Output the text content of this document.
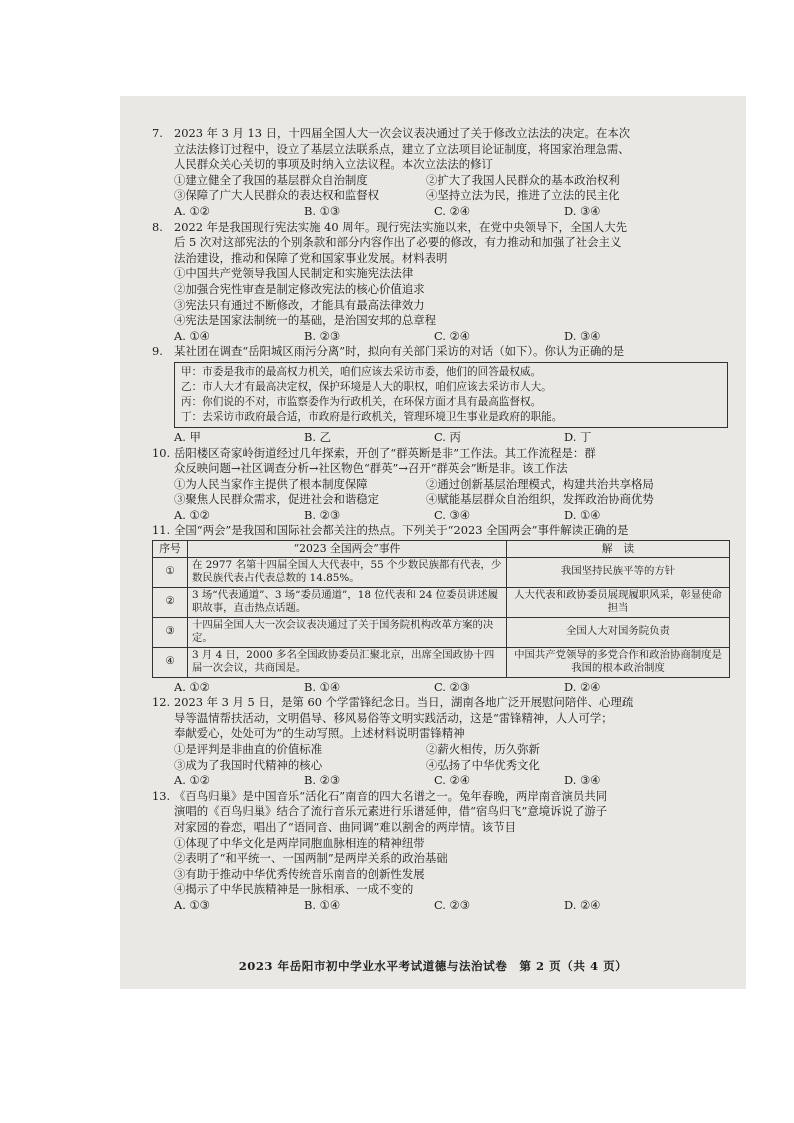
7. 2023 年 3 月 13 日，十四届全国人大一次会议表决通过了关于修改立法法的决定。在本次
立法法修订过程中，设立了基层立法联系点，建立了立法项目论证制度，将国家治理急需、
人民群众关心关切的事项及时纳入立法议程。本次立法法的修订
①建立健全了我国的基层群众自治制度	②扩大了我国人民群众的基本政治权利
③保障了广大人民群众的表达权和监督权	④坚持立法为民，推进了立法的民主化
A. ①②	B. ①③	C. ②④	D. ③④
8. 2022 年是我国现行宪法实施 40 周年。现行宪法实施以来，在党中央领导下，全国人大先
后 5 次对这部宪法的个别条款和部分内容作出了必要的修改，有力推动和加强了社会主义
法治建设，推动和保障了党和国家事业发展。材料表明
①中国共产党领导我国人民制定和实施宪法法律
②加强合宪性审查是制定修改宪法的核心价值追求
③宪法只有通过不断修改，才能具有最高法律效力
④宪法是国家法制统一的基础，是治国安邦的总章程
A. ①④	B. ②③	C. ②④	D. ③④
9. 某社团在调查“岳阳城区雨污分离”时，拟向有关部门采访的对话（如下）。你认为正确的是
甲：市委是我市的最高权力机关，咱们应该去采访市委，他们的回答最权威。
乙：市人大才有最高决定权，保护环境是人大的职权，咱们应该去采访市人大。
丙：你们说的不对，市监察委作为行政机关，在环保方面才具有最高监督权。
丁：去采访市政府最合适，市政府是行政机关，管理环境卫生事业是政府的职能。
A. 甲	B. 乙	C. 丙	D. 丁
10. 岳阳楼区奇家岭街道经过几年探索，开创了“群英断是非”工作法。其工作流程是：群
众反映问题→社区调查分析→社区物色“群英”→召开“群英会”断是非。该工作法
①为人民当家作主提供了根本制度保障	②通过创新基层治理模式，构建共治共享格局
③聚焦人民群众需求，促进社会和谐稳定	④赋能基层群众自治组织，发挥政治协商优势
A. ①②	B. ②③	C. ③④	D. ①④
11. 全国“两会”是我国和国际社会都关注的热点。下列关于“2023 全国两会”事件解读正确的是
序号	“2023 全国两会”事件	解　读
①	在 2977 名第十四届全国人大代表中，55 个少数民族都有代表，少数民族代表占代表总数的 14.85%。	我国坚持民族平等的方针
②	3 场“代表通道”、3 场“委员通道”，18 位代表和 24 位委员讲述履职故事，直击热点话题。	人大代表和政协委员展现履职风采，彰显使命担当
③	十四届全国人大一次会议表决通过了关于国务院机构改革方案的决定。	全国人大对国务院负责
④	3 月 4 日，2000 多名全国政协委员汇聚北京，出席全国政协十四届一次会议，共商国是。	中国共产党领导的多党合作和政治协商制度是我国的根本政治制度
A. ①②	B. ①④	C. ②③	D. ②④
12. 2023 年 3 月 5 日，是第 60 个学雷锋纪念日。当日，湖南各地广泛开展慰问陪伴、心理疏
导等温情帮扶活动，文明倡导、移风易俗等文明实践活动，这是“雷锋精神，人人可学；
奉献爱心，处处可为”的生动写照。上述材料说明雷锋精神
①是评判是非曲直的价值标准	②薪火相传，历久弥新
③成为了我国时代精神的核心	④弘扬了中华优秀文化
A. ①②	B. ②③	C. ②④	D. ③④
13. 《百鸟归巢》是中国音乐“活化石”南音的四大名谱之一。兔年春晚，两岸南音演员共同
演唱的《百鸟归巢》结合了流行音乐元素进行乐谱延伸，借“宿鸟归飞”意境诉说了游子
对家园的眷恋，唱出了“语同音、曲同调”难以割舍的两岸情。该节目
①体现了中华文化是两岸同胞血脉相连的精神纽带
②表明了“和平统一、一国两制”是两岸关系的政治基础
③有助于推动中华优秀传统音乐南音的创新性发展
④揭示了中华民族精神是一脉相承、一成不变的
A. ①③	B. ①④	C. ②③	D. ②④
2023 年岳阳市初中学业水平考试道德与法治试卷　第 2 页（共 4 页）
